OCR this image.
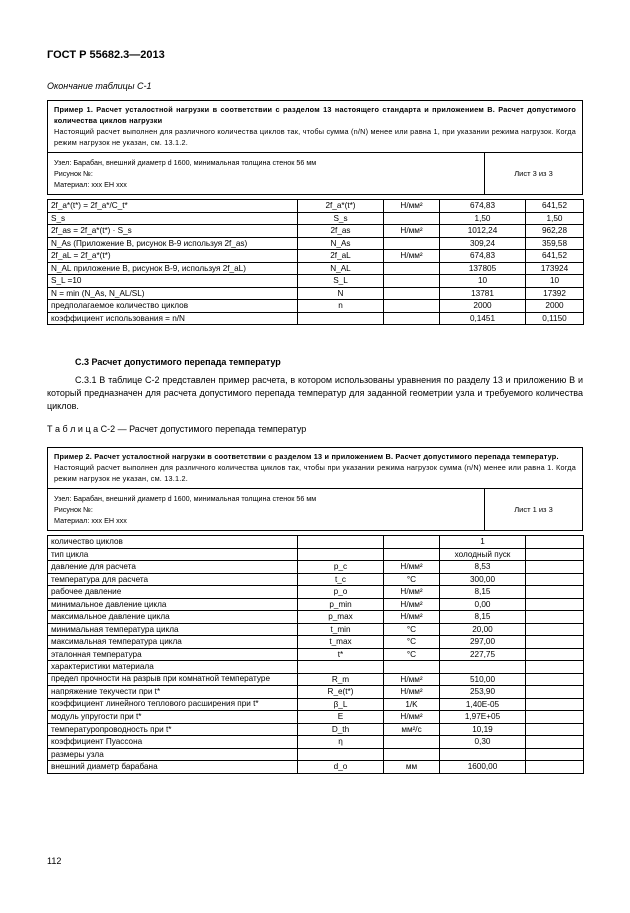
ГОСТ Р 55682.3—2013
Окончание таблицы С-1
Пример 1. Расчет усталостной нагрузки в соответствии с разделом 13 настоящего стандарта и приложением В. Расчет допустимого количества циклов нагрузки
Настоящий расчет выполнен для различного количества циклов так, чтобы сумма (n/N) менее или равна 1, при указании режима нагрузок. Когда режим нагрузок не указан, см. 13.1.2.
Узел: Барабан, внешний диаметр d 1600, минимальная толщина стенок 56 мм
Рисунок №:
Материал: ххх ЕН ххх
Лист 3 из 3
2f_a*(t*) = 2f_a*/C_t*	2f_a*(t*)	Н/мм²	674,83	641,52
S_s	S_s		1,50	1,50
2f_as = 2f_a*(t*) · S_s	2f_as	Н/мм²	1012,24	962,28
N_As (Приложение В, рисунок В-9 используя 2f_as)	N_As		309,24	359,58
2f_aL = 2f_a*(t*)	2f_aL	Н/мм²	674,83	641,52
N_AL приложение В, рисунок В-9, используя 2f_aL)	N_AL		137805	173924
S_L =10	S_L		10	10
N = min (N_As, N_AL/SL)	N		13781	17392
предполагаемое количество циклов	n		2000	2000
коэффициент использования = n/N			0,1451	0,1150
С.3 Расчет допустимого перепада температур
С.3.1 В таблице С-2 представлен пример расчета, в котором использованы уравнения по разделу 13 и приложению В и который предназначен для расчета допустимого перепада температур для заданной геометрии узла и требуемого количества циклов.
Т а б л и ц а С-2 — Расчет допустимого перепада температур
Пример 2. Расчет усталостной нагрузки в соответствии с разделом 13 и приложением В. Расчет допустимого перепада температур.
Настоящий расчет выполнен для различного количества циклов так, чтобы при указании режима нагрузок сумма (n/N) менее или равна 1. Когда режим нагрузок не указан, см. 13.1.2.
Узел: Барабан, внешний диаметр d 1600, минимальная толщина стенок 56 мм
Рисунок №:
Материал: ххх ЕН ххх
Лист 1 из 3
количество циклов			1	
тип цикла			холодный пуск	
давление для расчета	p_c	Н/мм²	8,53	
температура для расчета	t_c	°С	300,00	
рабочее давление	p_o	Н/мм²	8,15	
минимальное давление цикла	p_min	Н/мм²	0,00	
максимальное давление цикла	p_max	Н/мм²	8,15	
минимальная температура цикла	t_min	°С	20,00	
максимальная температура цикла	t_max	°С	297,00	
эталонная температура	t*	°С	227,75	
характеристики материала				
предел прочности на разрыв при комнатной температуре	R_m	Н/мм²	510,00	
напряжение текучести при t*	R_e(t*)	Н/мм²	253,90	
коэффициент линейного теплового расширения при t*	β_L	1/K	1,40E-05	
модуль упругости при t*	E	Н/мм²	1,97E+05	
температуропроводность при t*	D_th	мм²/с	10,19	
коэффициент Пуассона	η		0,30	
размеры узла				
внешний диаметр барабана	d_o	мм	1600,00	
112
